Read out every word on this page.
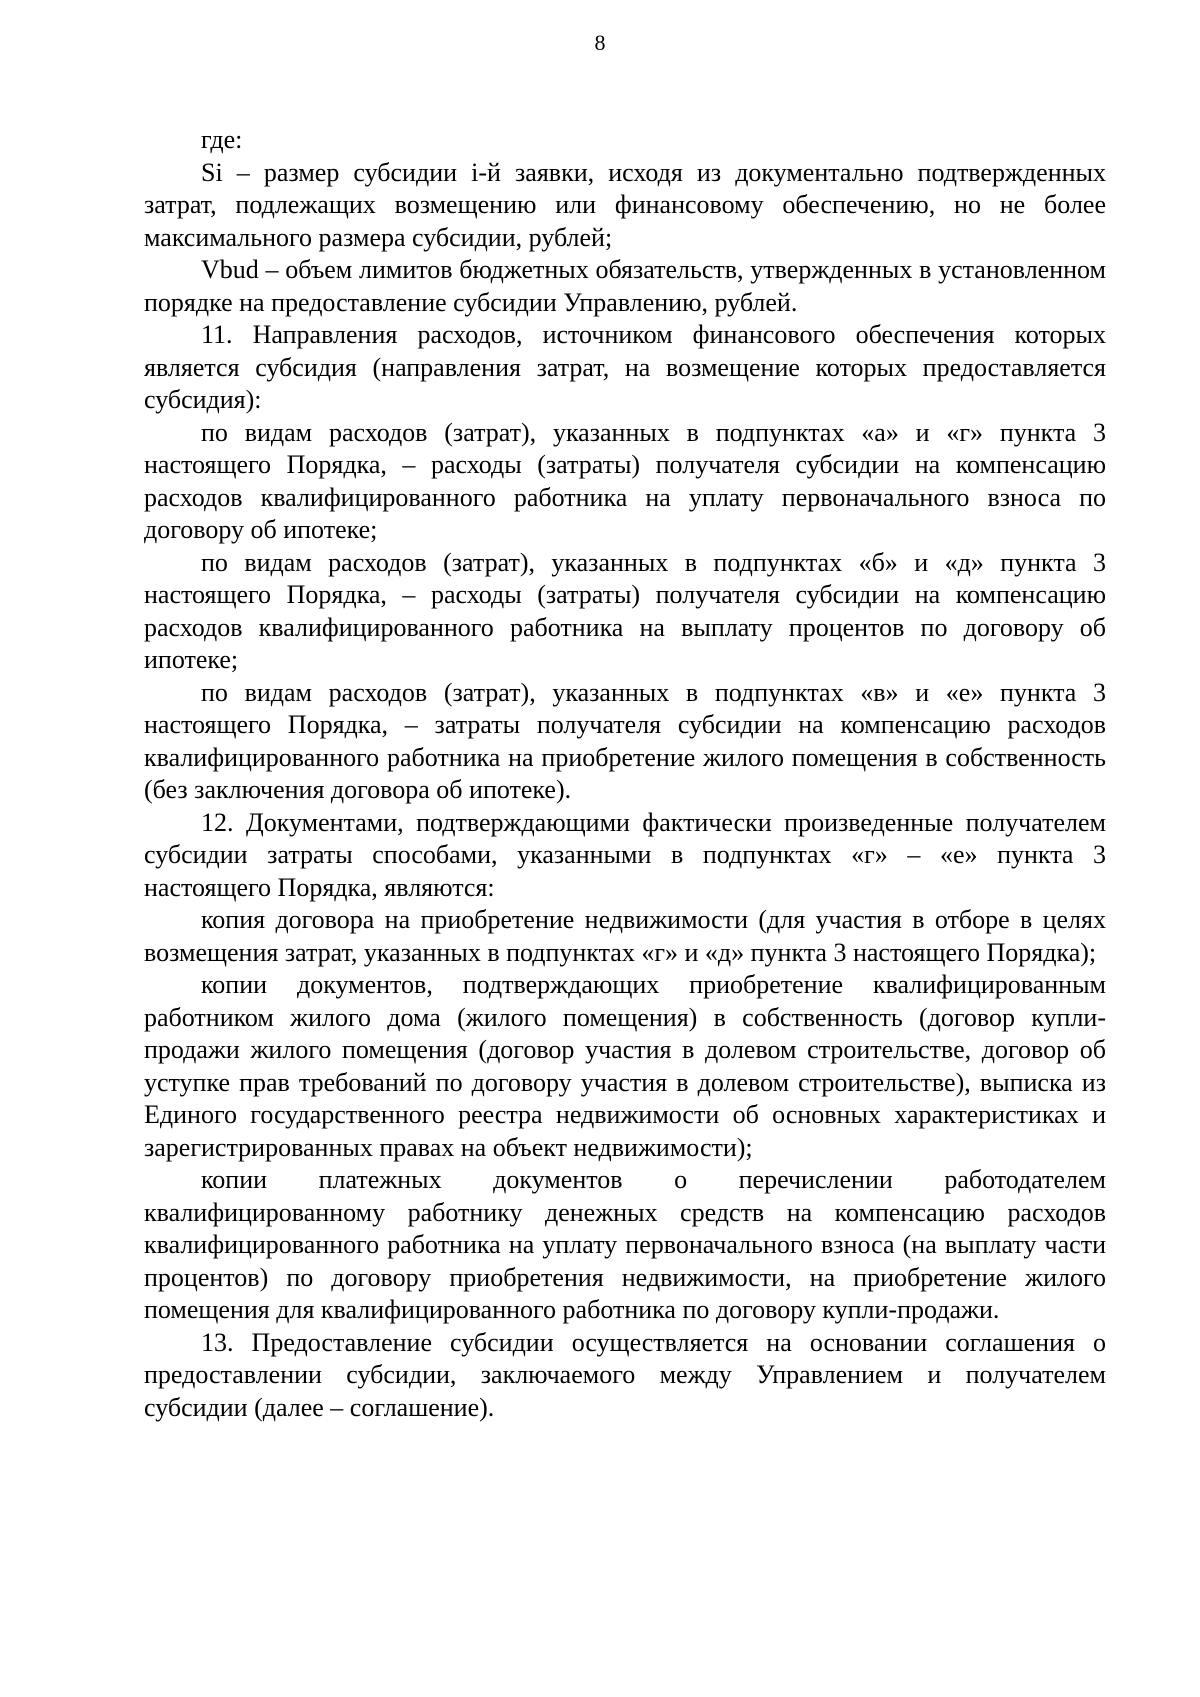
8

где:

Si – размер субсидии i-й заявки, исходя из документально подтвержденных затрат, подлежащих возмещению или финансовому обеспечению, но не более максимального размера субсидии, рублей;

Vbud – объем лимитов бюджетных обязательств, утвержденных в установленном порядке на предоставление субсидии Управлению, рублей.

11. Направления расходов, источником финансового обеспечения которых является субсидия (направления затрат, на возмещение которых предоставляется субсидия):

по видам расходов (затрат), указанных в подпунктах «а» и «г» пункта 3 настоящего Порядка, – расходы (затраты) получателя субсидии на компенсацию расходов квалифицированного работника на уплату первоначального взноса по договору об ипотеке;

по видам расходов (затрат), указанных в подпунктах «б» и «д» пункта 3 настоящего Порядка, – расходы (затраты) получателя субсидии на компенсацию расходов квалифицированного работника на выплату процентов по договору об ипотеке;

по видам расходов (затрат), указанных в подпунктах «в» и «е» пункта 3 настоящего Порядка, – затраты получателя субсидии на компенсацию расходов квалифицированного работника на приобретение жилого помещения в собственность (без заключения договора об ипотеке).

12. Документами, подтверждающими фактически произведенные получателем субсидии затраты способами, указанными в подпунктах «г» – «е» пункта 3 настоящего Порядка, являются:

копия договора на приобретение недвижимости (для участия в отборе в целях возмещения затрат, указанных в подпунктах «г» и «д» пункта 3 настоящего Порядка);

копии документов, подтверждающих приобретение квалифицированным работником жилого дома (жилого помещения) в собственность (договор купли-продажи жилого помещения (договор участия в долевом строительстве, договор об уступке прав требований по договору участия в долевом строительстве), выписка из Единого государственного реестра недвижимости об основных характеристиках и зарегистрированных правах на объект недвижимости);

копии платежных документов о перечислении работодателем квалифицированному работнику денежных средств на компенсацию расходов квалифицированного работника на уплату первоначального взноса (на выплату части процентов) по договору приобретения недвижимости, на приобретение жилого помещения для квалифицированного работника по договору купли-продажи.

13. Предоставление субсидии осуществляется на основании соглашения о предоставлении субсидии, заключаемого между Управлением и получателем субсидии (далее – соглашение).
